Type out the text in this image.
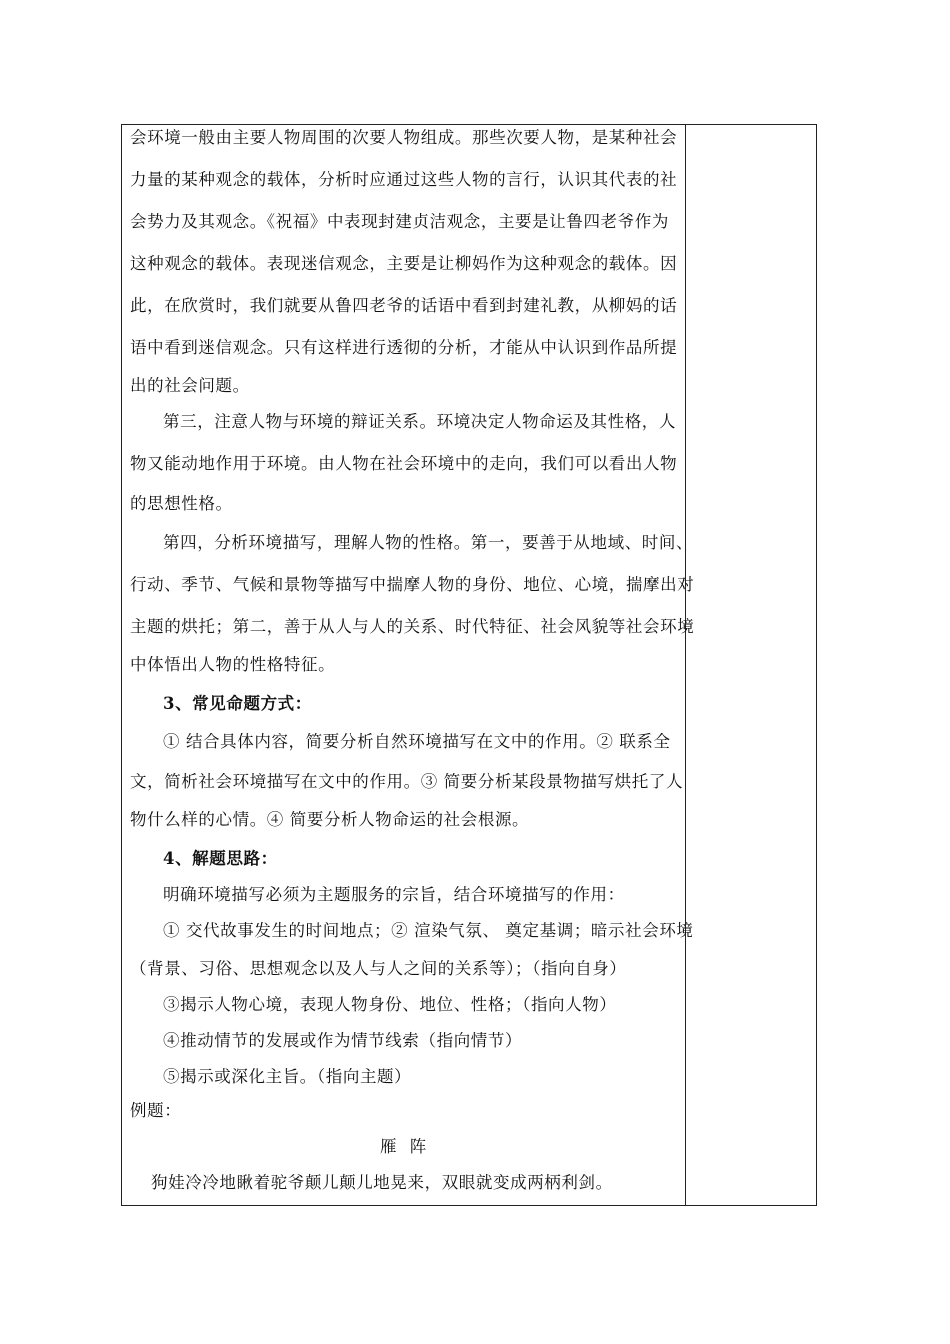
会环境一般由主要人物周围的次要人物组成。那些次要人物，是某种社会
力量的某种观念的载体，分析时应通过这些人物的言行，认识其代表的社
会势力及其观念。《祝福》中表现封建贞洁观念，主要是让鲁四老爷作为
这种观念的载体。表现迷信观念，主要是让柳妈作为这种观念的载体。因
此，在欣赏时，我们就要从鲁四老爷的话语中看到封建礼教，从柳妈的话
语中看到迷信观念。只有这样进行透彻的分析，才能从中认识到作品所提
出的社会问题。
第三，注意人物与环境的辩证关系。环境决定人物命运及其性格，人
物又能动地作用于环境。由人物在社会环境中的走向，我们可以看出人物
的思想性格。
第四，分析环境描写，理解人物的性格。第一，要善于从地域、时间、
行动、季节、气候和景物等描写中揣摩人物的身份、地位、心境，揣摩出对
主题的烘托；第二，善于从人与人的关系、时代特征、社会风貌等社会环境
中体悟出人物的性格特征。
3、常见命题方式：
① 结合具体内容，简要分析自然环境描写在文中的作用。② 联系全
文，简析社会环境描写在文中的作用。③ 简要分析某段景物描写烘托了人
物什么样的心情。④ 简要分析人物命运的社会根源。
4、解题思路：
明确环境描写必须为主题服务的宗旨，结合环境描写的作用：
① 交代故事发生的时间地点；② 渲染气氛、 奠定基调；暗示社会环境
（背景、习俗、思想观念以及人与人之间的关系等）；（指向自身）
③揭示人物心境，表现人物身份、地位、性格；（指向人物）
④推动情节的发展或作为情节线索（指向情节）
⑤揭示或深化主旨。（指向主题）
例题：
雁 阵
狗娃冷冷地瞅着驼爷颠儿颠儿地晃来，双眼就变成两柄利剑。
